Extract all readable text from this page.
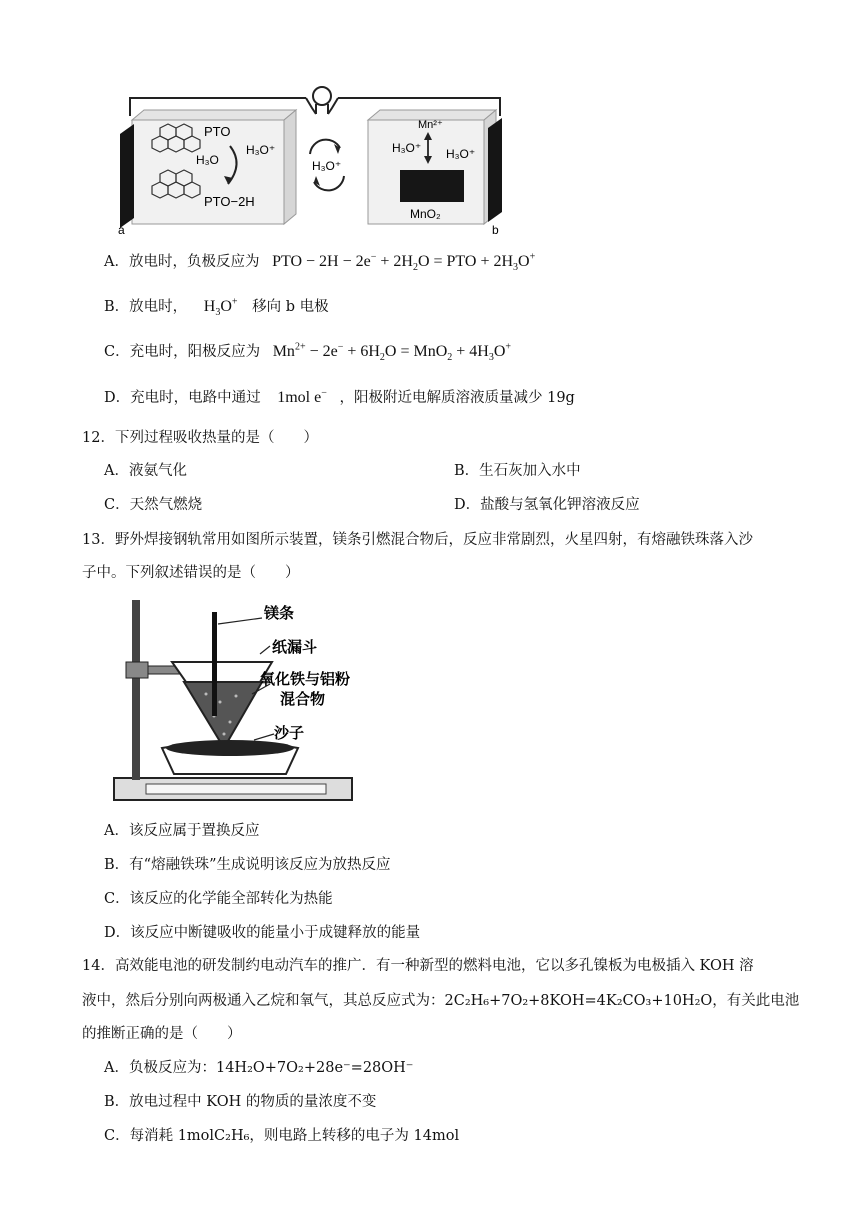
PTO
H₃O
H₃O⁺
PTO−2H
H₃O⁺
Mn²⁺
H₃O⁺ H₃O⁺
MnO₂
a	b
A．放电时，负极反应为 PTO − $2H - 2e^- + 2H_2O$ = PTO + $2H_3O^+$
B．放电时， $H_3O^+$ 移向 b 电极
C．充电时，阳极反应为 $Mn^{2+} - 2e^- + 6H_2O = MnO_2 + 4H_3O^+$
D．充电时，电路中通过 1mol e− ，阳极附近电解质溶液质量减少 19g
12．下列过程吸收热量的是（　　）
A．液氨气化	B．生石灰加入水中
C．天然气燃烧	D．盐酸与氢氧化钾溶液反应
13．野外焊接钢轨常用如图所示装置，镁条引燃混合物后，反应非常剧烈，火星四射，有熔融铁珠落入沙
子中。下列叙述错误的是（　　）
镁条
纸漏斗
氧化铁与铝粉
混合物
沙子
A．该反应属于置换反应
B．有“熔融铁珠”生成说明该反应为放热反应
C．该反应的化学能全部转化为热能
D．该反应中断键吸收的能量小于成键释放的能量
14．高效能电池的研发制约电动汽车的推广．有一种新型的燃料电池，它以多孔镍板为电极插入 KOH 溶
液中，然后分别向两极通入乙烷和氧气，其总反应式为：2C₂H₆+7O₂+8KOH=4K₂CO₃+10H₂O，有关此电池
的推断正确的是（　　）
A．负极反应为：14H₂O+7O₂+28e⁻=28OH⁻
B．放电过程中 KOH 的物质的量浓度不变
C．每消耗 1molC₂H₆，则电路上转移的电子为 14mol
